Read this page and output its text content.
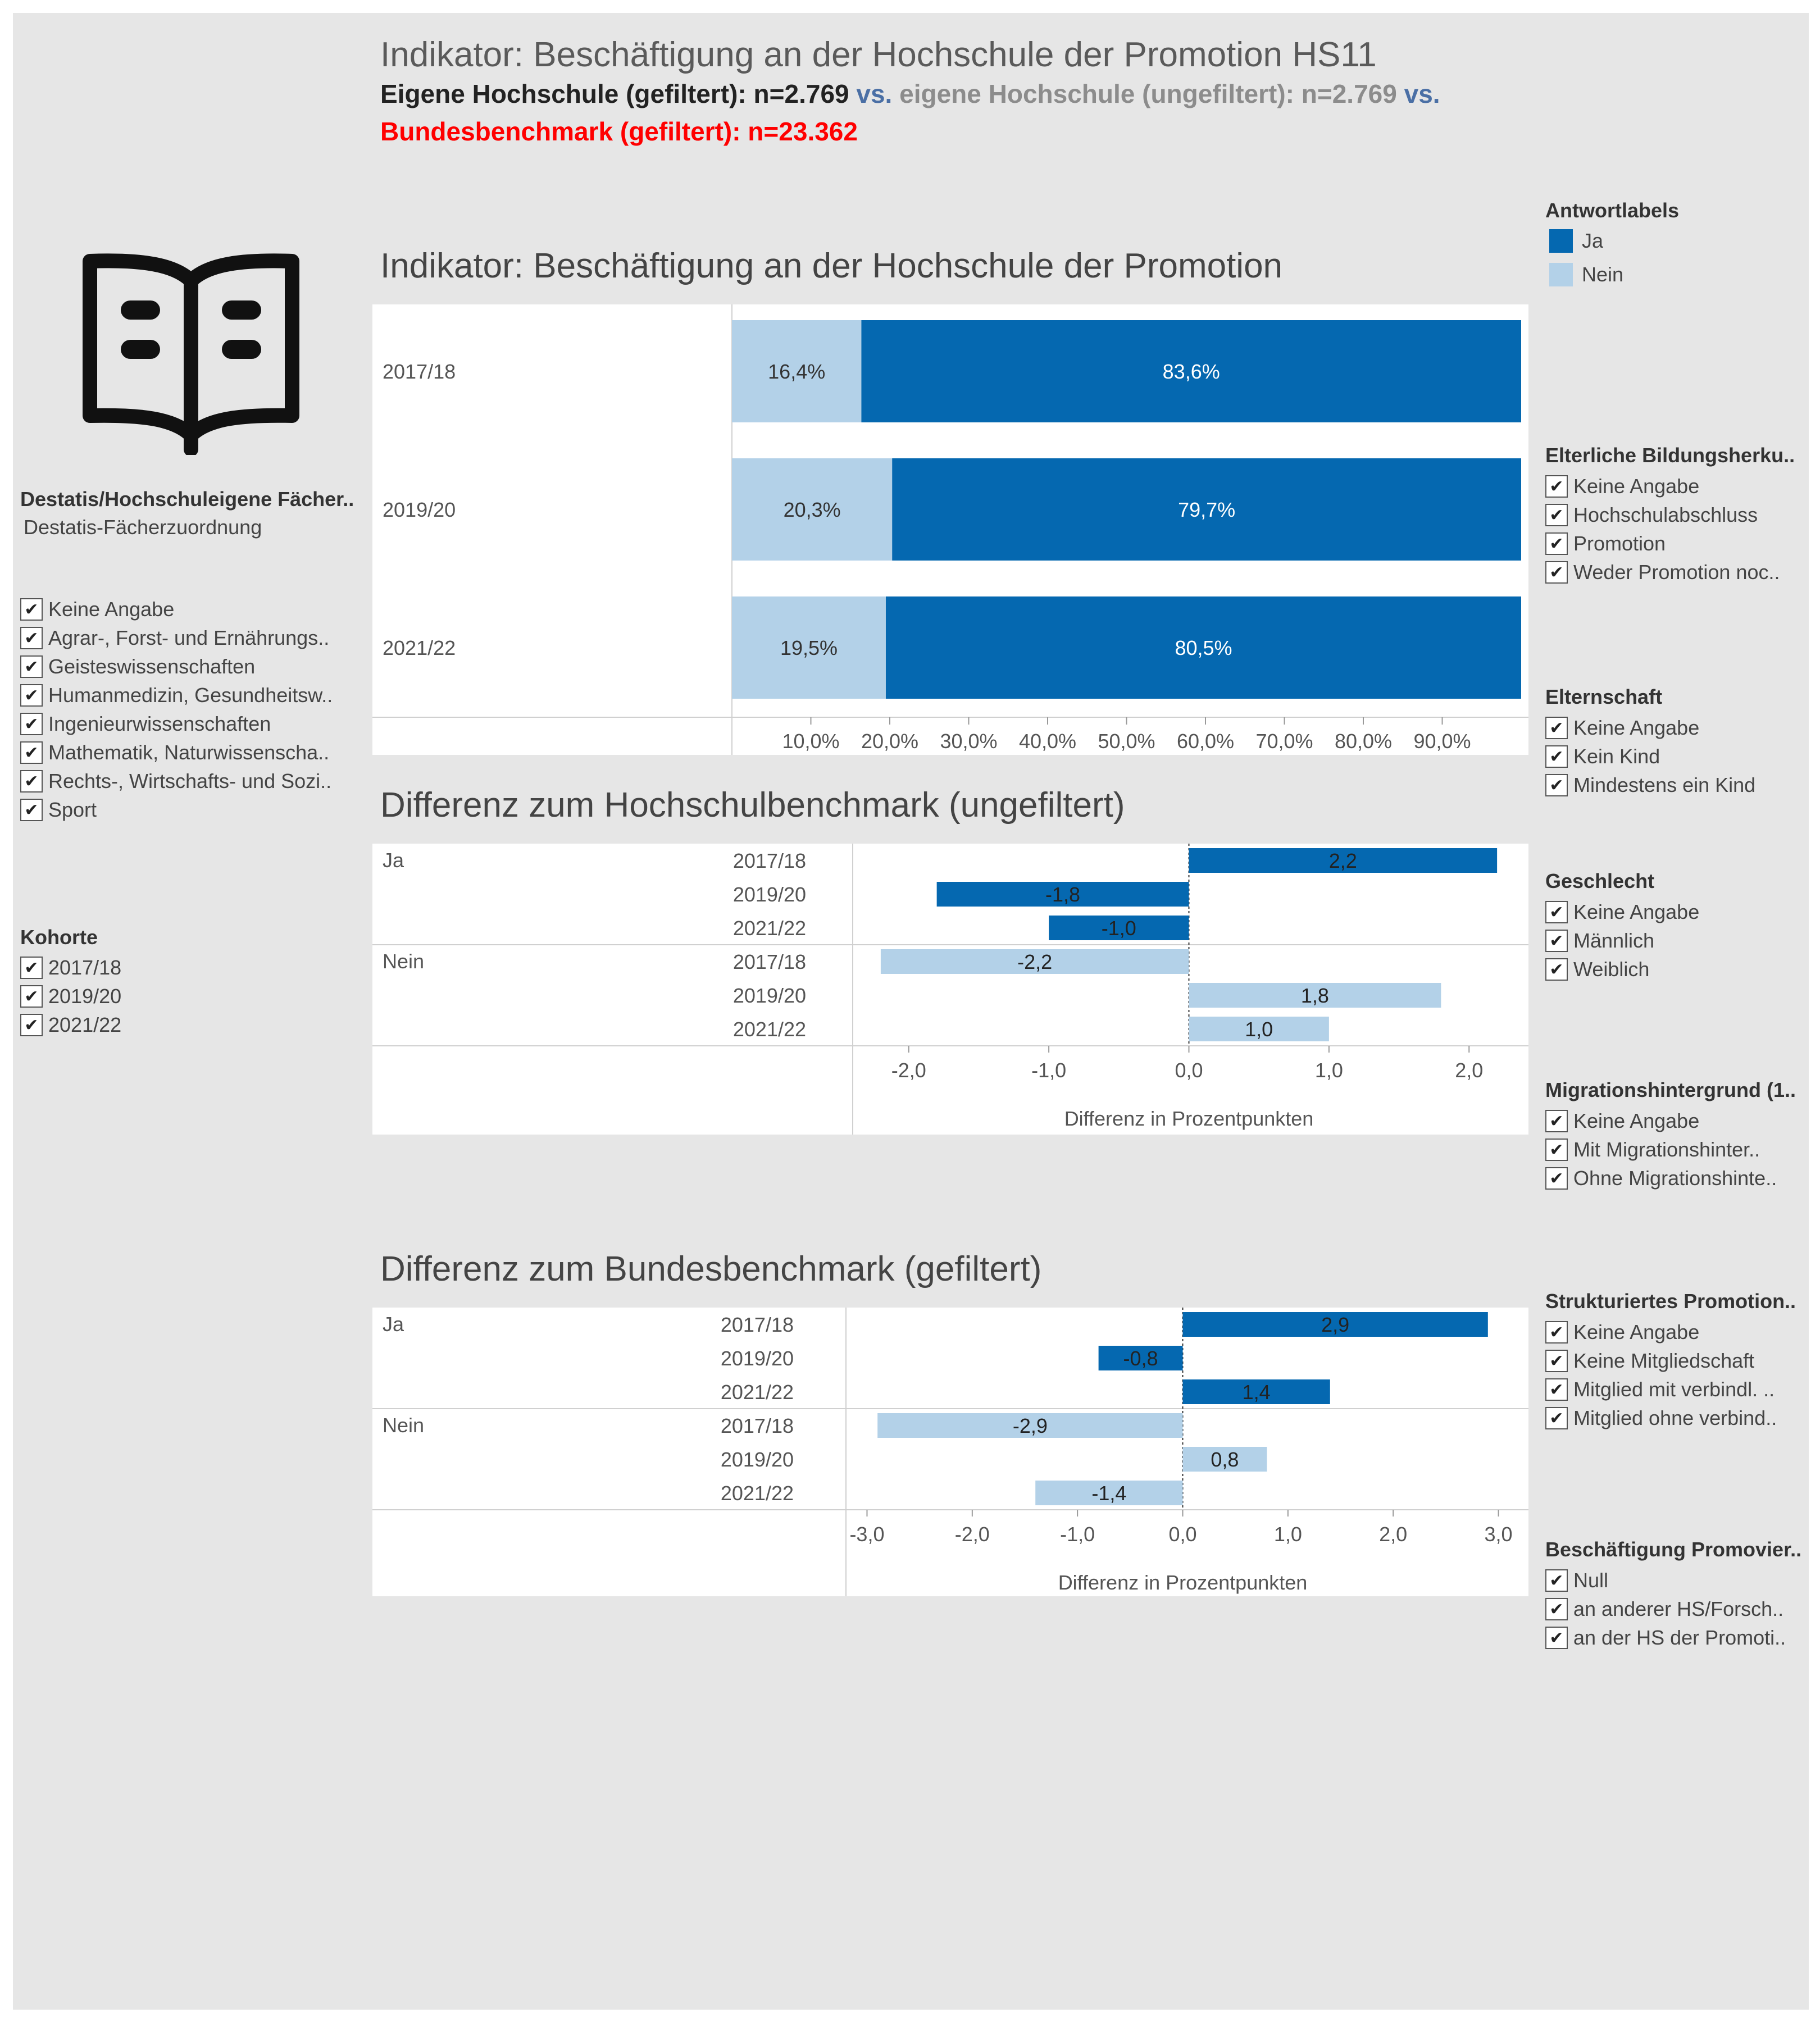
Indikator: Beschäftigung an der Hochschule der Promotion HS11
Eigene Hochschule (gefiltert): n=2.769 vs. eigene Hochschule (ungefiltert): n=2.769 vs.
Bundesbenchmark (gefiltert): n=23.362
Destatis/Hochschuleigene Fächer..
Destatis-Fächerzuordnung
✔ Keine Angabe
✔ Agrar-, Forst- und Ernährungs..
✔ Geisteswissenschaften
✔ Humanmedizin, Gesundheitsw..
✔ Ingenieurwissenschaften
✔ Mathematik, Naturwissenscha..
✔ Rechts-, Wirtschafts- und Sozi..
✔ Sport
Kohorte
✔ 2017/18
✔ 2019/20
✔ 2021/22
Antwortlabels
Ja
Nein
Elterliche Bildungsherku..
✔ Keine Angabe
✔ Hochschulabschluss
✔ Promotion
✔ Weder Promotion noc..
Elternschaft
✔ Keine Angabe
✔ Kein Kind
✔ Mindestens ein Kind
Geschlecht
✔ Keine Angabe
✔ Männlich
✔ Weiblich
Migrationshintergrund (1..
✔ Keine Angabe
✔ Mit Migrationshinter..
✔ Ohne Migrationshinte..
Strukturiertes Promotion..
✔ Keine Angabe
✔ Keine Mitgliedschaft
✔ Mitglied mit verbindl. ..
✔ Mitglied ohne verbind..
Beschäftigung Promovier..
✔ Null
✔ an anderer HS/Forsch..
✔ an der HS der Promoti..
Indikator: Beschäftigung an der Hochschule der Promotion
Differenz zum Hochschulbenchmark (ungefiltert)
Differenz zum Bundesbenchmark (gefiltert)
2017/18	16,4%	83,6%
2019/20	20,3%	79,7%
2021/22	19,5%	80,5%
10,0% 20,0% 30,0% 40,0% 50,0% 60,0% 70,0% 80,0% 90,0%
Ja	2017/18	2,2
2019/20	-1,8
2021/22	-1,0
Nein	2017/18	-2,2
2019/20	1,8
2021/22	1,0
-2,0	-1,0	0,0	1,0	2,0
Differenz in Prozentpunkten
Ja	2017/18	2,9
2019/20	-0,8
2021/22	1,4
Nein	2017/18	-2,9
2019/20	0,8
2021/22	-1,4
-3,0	-2,0	-1,0	0,0	1,0	2,0	3,0
Differenz in Prozentpunkten
